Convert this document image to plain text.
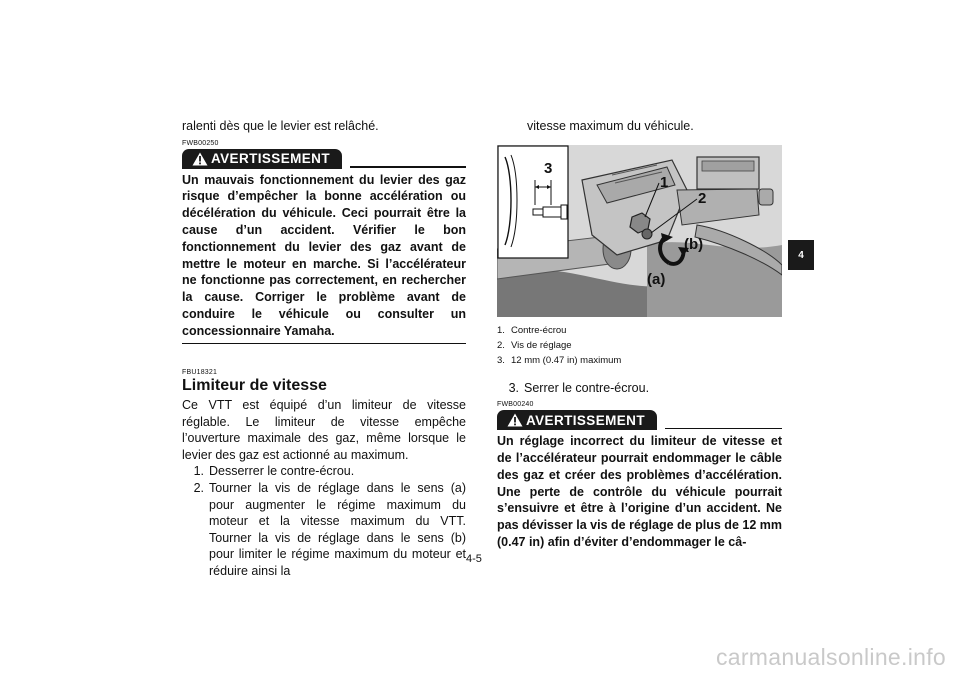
ralenti dès que le levier est relâché.

FWB00250
AVERTISSEMENT

Un mauvais fonctionnement du levier des gaz risque d’empêcher la bonne accélération ou décélération du véhicule. Ceci pourrait être la cause d’un accident. Vérifier le bon fonctionnement du levier des gaz avant de mettre le moteur en marche. Si l’accélérateur ne fonctionne pas correctement, en rechercher la cause. Corriger le problème avant de conduire le véhicule ou consulter un concessionnaire Yamaha.

FBU18321
Limiteur de vitesse

Ce VTT est équipé d’un limiteur de vitesse réglable. Le limiteur de vitesse empêche l’ouverture maximale des gaz, même lorsque le levier des gaz est actionné au maximum.

1. Desserrer le contre-écrou.
2. Tourner la vis de réglage dans le sens (a) pour augmenter le régime maximum du moteur et la vitesse maximum du VTT. Tourner la vis de réglage dans le sens (b) pour limiter le régime maximum du moteur et réduire ainsi la

vitesse maximum du véhicule.

3
1
2
(b)
(a)
1. Contre-écrou
2. Vis de réglage
3. 12 mm (0.47 in) maximum
3. Serrer le contre-écrou.
FWB00240
AVERTISSEMENT

Un réglage incorrect du limiteur de vitesse et de l’accélérateur pourrait endommager le câble des gaz et créer des problèmes d’accélération. Une perte de contrôle du véhicule pourrait s’ensuivre et être à l’origine d’un accident. Ne pas dévisser la vis de réglage de plus de 12 mm (0.47 in) afin d’éviter d’endommager le câ-

4
4-5
carmanualsonline.info
